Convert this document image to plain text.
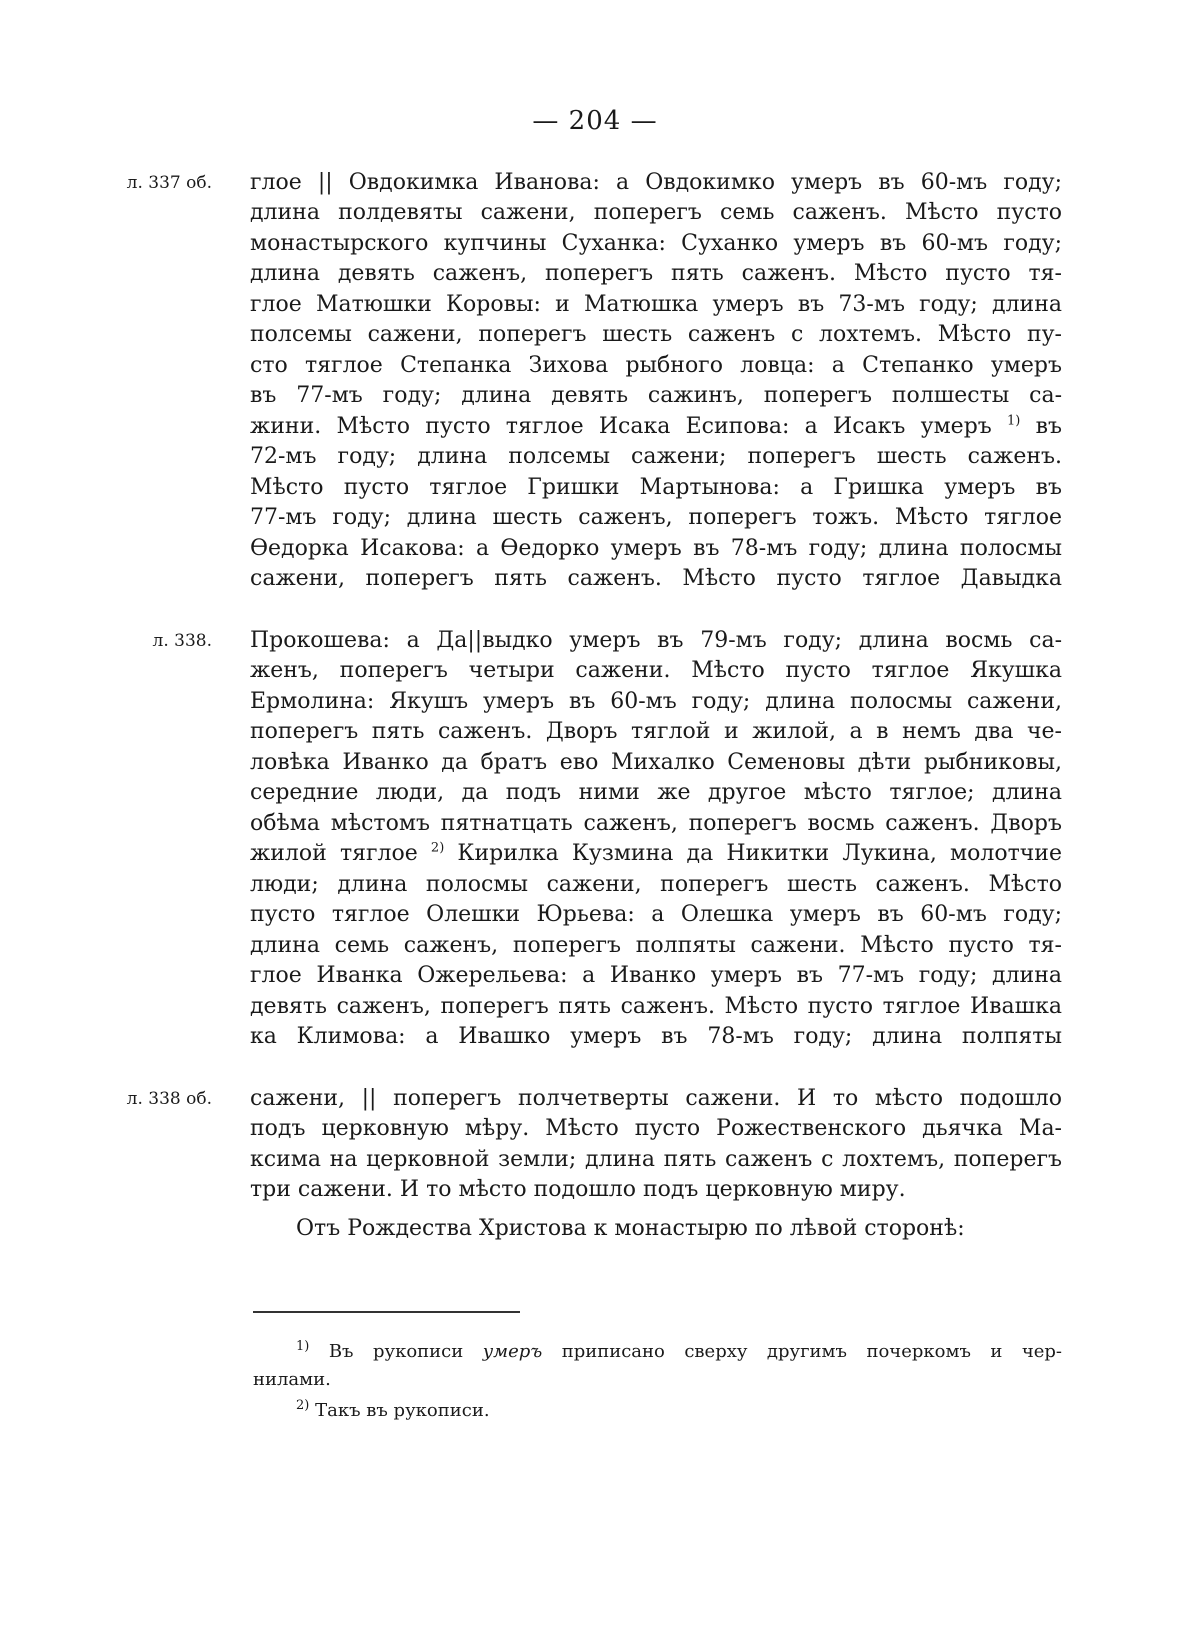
— 204 —
л. 337 об.
л. 338.
л. 338 об.
глое || Овдокимка Иванова: а Овдокимко умеръ въ 60-мъ году;
длина полдевяты сажени, поперегъ семь саженъ. Мѣсто пусто
монастырского купчины Суханка: Суханко умеръ въ 60-мъ году;
длина девять саженъ, поперегъ пять саженъ. Мѣсто пусто тя-
глое Матюшки Коровы: и Матюшка умеръ въ 73-мъ году; длина
полсемы сажени, поперегъ шесть саженъ с лохтемъ. Мѣсто пу-
сто тяглое Степанка Зихова рыбного ловца: а Степанко умеръ
въ 77-мъ году; длина девять сажинъ, поперегъ полшесты са-
жини. Мѣсто пусто тяглое Исака Есипова: а Исакъ умеръ $^{1)}$ въ
72-мъ году; длина полсемы сажени; поперегъ шесть саженъ.
Мѣсто пусто тяглое Гришки Мартынова: а Гришка умеръ въ
77-мъ году; длина шесть саженъ, поперегъ тожъ. Мѣсто тяглое
Ѳедорка Исакова: а Ѳедорко умеръ въ 78-мъ году; длина полосмы
сажени, поперегъ пять саженъ. Мѣсто пусто тяглое Давыдка
Прокошева: а Да||выдко умеръ въ 79-мъ году; длина восмь са-
женъ, поперегъ четыри сажени. Мѣсто пусто тяглое Якушка
Ермолина: Якушъ умеръ въ 60-мъ году; длина полосмы сажени,
поперегъ пять саженъ. Дворъ тяглой и жилой, а в немъ два че-
ловѣка Иванко да братъ ево Михалко Семеновы дѣти рыбниковы,
середние люди, да подъ ними же другое мѣсто тяглое; длина
обѣма мѣстомъ пятнатцать саженъ, поперегъ восмь саженъ. Дворъ
жилой тяглое $^{2)}$ Кирилка Кузмина да Никитки Лукина, молотчие
люди; длина полосмы сажени, поперегъ шесть саженъ. Мѣсто
пусто тяглое Олешки Юрьева: а Олешка умеръ въ 60-мъ году;
длина семь саженъ, поперегъ полпяты сажени. Мѣсто пусто тя-
глое Иванка Ожерельева: а Иванко умеръ въ 77-мъ году; длина
девять саженъ, поперегъ пять саженъ. Мѣсто пусто тяглое Ивашка
ка Климова: а Ивашко умеръ въ 78-мъ году; длина полпяты
сажени, || поперегъ полчетверты сажени. И то мѣсто подошло
подъ церковную мѣру. Мѣсто пусто Рожественского дьячка Ма-
ксима на церковной земли; длина пять саженъ с лохтемъ, поперегъ
три сажени. И то мѣсто подошло подъ церковную миру.
Отъ Рождества Христова к монастырю по лѣвой сторонѣ:
$^{1)}$ Въ рукописи умеръ приписано сверху другимъ почеркомъ и чер-
нилами.
$^{2)}$ Такъ въ рукописи.
